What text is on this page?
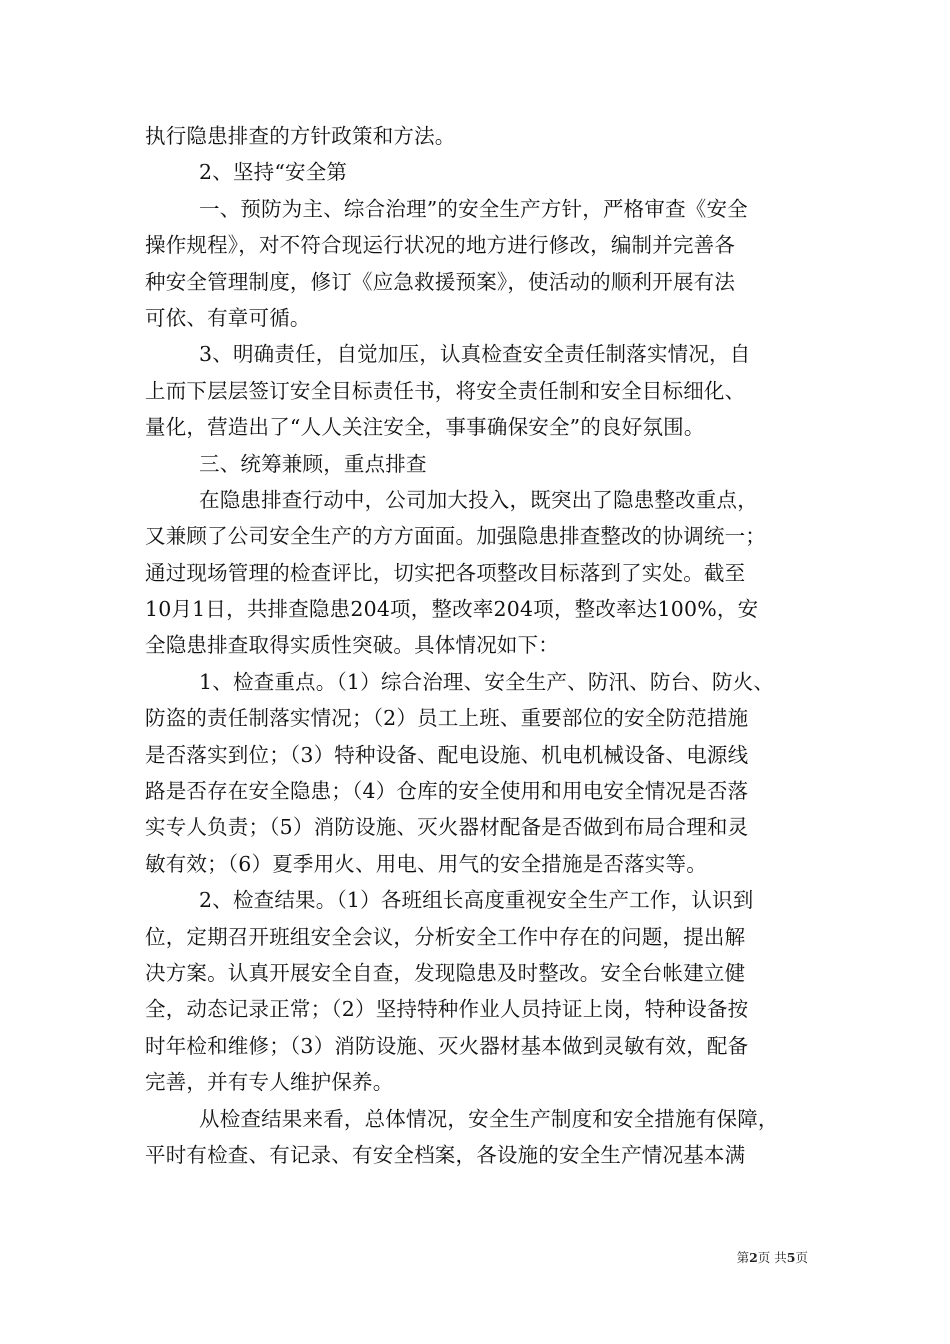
执行隐患排查的方针政策和方法。
2、坚持“安全第
一、预防为主、综合治理”的安全生产方针，严格审查《安全
操作规程》，对不符合现运行状况的地方进行修改，编制并完善各
种安全管理制度，修订《应急救援预案》，使活动的顺利开展有法
可依、有章可循。
3、明确责任，自觉加压，认真检查安全责任制落实情况，自
上而下层层签订安全目标责任书，将安全责任制和安全目标细化、
量化，营造出了“人人关注安全，事事确保安全”的良好氛围。
三、统筹兼顾，重点排查
在隐患排查行动中，公司加大投入，既突出了隐患整改重点，
又兼顾了公司安全生产的方方面面。加强隐患排查整改的协调统一；
通过现场管理的检查评比，切实把各项整改目标落到了实处。截至
10月1日，共排查隐患204项，整改率204项，整改率达100%，安
全隐患排查取得实质性突破。具体情况如下：
1、检查重点。（1）综合治理、安全生产、防汛、防台、防火、
防盗的责任制落实情况；（2）员工上班、重要部位的安全防范措施
是否落实到位；（3）特种设备、配电设施、机电机械设备、电源线
路是否存在安全隐患；（4）仓库的安全使用和用电安全情况是否落
实专人负责；（5）消防设施、灭火器材配备是否做到布局合理和灵
敏有效；（6）夏季用火、用电、用气的安全措施是否落实等。
2、检查结果。（1）各班组长高度重视安全生产工作，认识到
位，定期召开班组安全会议，分析安全工作中存在的问题，提出解
决方案。认真开展安全自查，发现隐患及时整改。安全台帐建立健
全，动态记录正常；（2）坚持特种作业人员持证上岗，特种设备按
时年检和维修；（3）消防设施、灭火器材基本做到灵敏有效，配备
完善，并有专人维护保养。
从检查结果来看，总体情况，安全生产制度和安全措施有保障，
平时有检查、有记录、有安全档案，各设施的安全生产情况基本满
第2页 共5页
